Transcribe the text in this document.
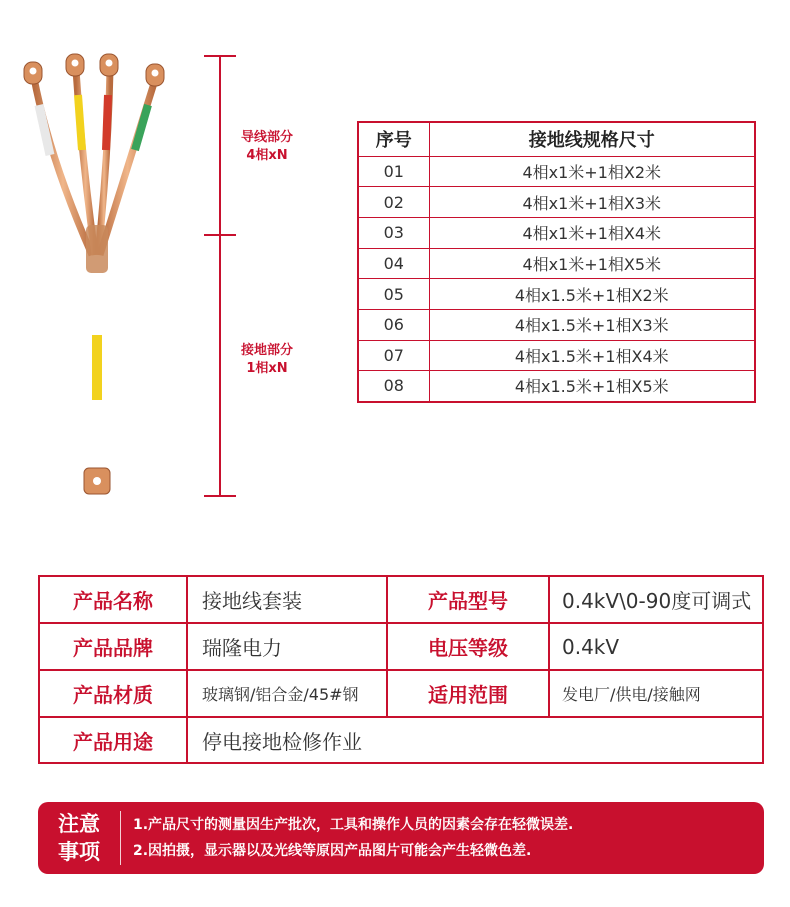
导线部分
4相xN
接地部分
1相xN
序号	接地线规格尺寸
01	4相x1米+1相X2米
02	4相x1米+1相X3米
03	4相x1米+1相X4米
04	4相x1米+1相X5米
05	4相x1.5米+1相X2米
06	4相x1.5米+1相X3米
07	4相x1.5米+1相X4米
08	4相x1.5米+1相X5米
产品名称	接地线套装	产品型号	0.4kV\0-90度可调式
产品品牌	瑞隆电力	电压等级	0.4kV
产品材质	玻璃钢/铝合金/45#钢	适用范围	发电厂/供电/接触网
产品用途	停电接地检修作业		
注意
事项
1.产品尺寸的测量因生产批次，工具和操作人员的因素会存在轻微误差.
2.因拍摄，显示器以及光线等原因产品图片可能会产生轻微色差.
